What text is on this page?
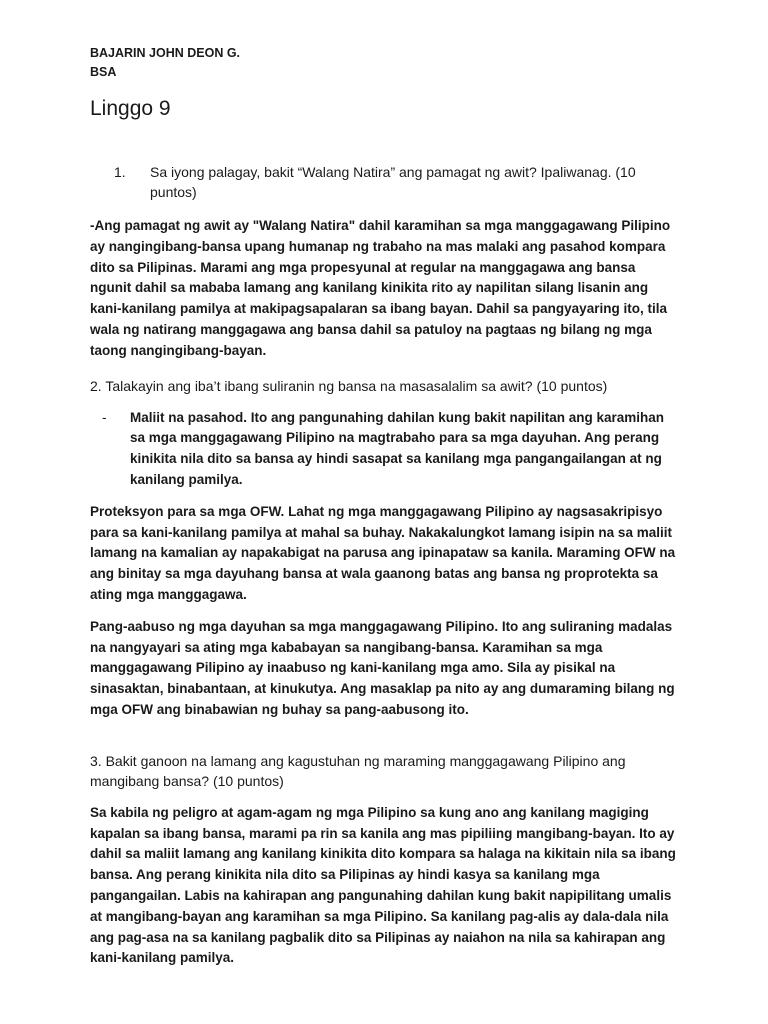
BAJARIN JOHN DEON G.

BSA

Linggo 9
1.	Sa iyong palagay, bakit “Walang Natira” ang pamagat ng awit? Ipaliwanag. (10 puntos)

-Ang pamagat ng awit ay "Walang Natira" dahil karamihan sa mga manggagawang Pilipino ay nangingibang-bansa upang humanap ng trabaho na mas malaki ang pasahod kompara dito sa Pilipinas. Marami ang mga propesyunal at regular na manggagawa ang bansa ngunit dahil sa mababa lamang ang kanilang kinikita rito ay napilitan silang lisanin ang kani-kanilang pamilya at makipagsapalaran sa ibang bayan. Dahil sa pangyayaring ito, tila wala ng natirang manggagawa ang bansa dahil sa patuloy na pagtaas ng bilang ng mga taong nangingibang-bayan.

2. Talakayin ang iba’t ibang suliranin ng bansa na masasalalim sa awit? (10 puntos)

-	Maliit na pasahod. Ito ang pangunahing dahilan kung bakit napilitan ang karamihan sa mga manggagawang Pilipino na magtrabaho para sa mga dayuhan. Ang perang kinikita nila dito sa bansa ay hindi sasapat sa kanilang mga pangangailangan at ng kanilang pamilya.

Proteksyon para sa mga OFW. Lahat ng mga manggagawang Pilipino ay nagsasakripisyo para sa kani-kanilang pamilya at mahal sa buhay. Nakakalungkot lamang isipin na sa maliit lamang na kamalian ay napakabigat na parusa ang ipinapataw sa kanila. Maraming OFW na ang binitay sa mga dayuhang bansa at wala gaanong batas ang bansa ng proprotekta sa ating mga manggagawa.

Pang-aabuso ng mga dayuhan sa mga manggagawang Pilipino. Ito ang suliraning madalas na nangyayari sa ating mga kababayan sa nangibang-bansa. Karamihan sa mga manggagawang Pilipino ay inaabuso ng kani-kanilang mga amo. Sila ay pisikal na sinasaktan, binabantaan, at kinukutya. Ang masaklap pa nito ay ang dumaraming bilang ng mga OFW ang binabawian ng buhay sa pang-aabusong ito.

3. Bakit ganoon na lamang ang kagustuhan ng maraming manggagawang Pilipino ang mangibang bansa? (10 puntos)

Sa kabila ng peligro at agam-agam ng mga Pilipino sa kung ano ang kanilang magiging kapalan sa ibang bansa, marami pa rin sa kanila ang mas pipiliing mangibang-bayan. Ito ay dahil sa maliit lamang ang kanilang kinikita dito kompara sa halaga na kikitain nila sa ibang bansa. Ang perang kinikita nila dito sa Pilipinas ay hindi kasya sa kanilang mga pangangailan. Labis na kahirapan ang pangunahing dahilan kung bakit napipilitang umalis at mangibang-bayan ang karamihan sa mga Pilipino. Sa kanilang pag-alis ay dala-dala nila ang pag-asa na sa kanilang pagbalik dito sa Pilipinas ay naiahon na nila sa kahirapan ang kani-kanilang pamilya.
